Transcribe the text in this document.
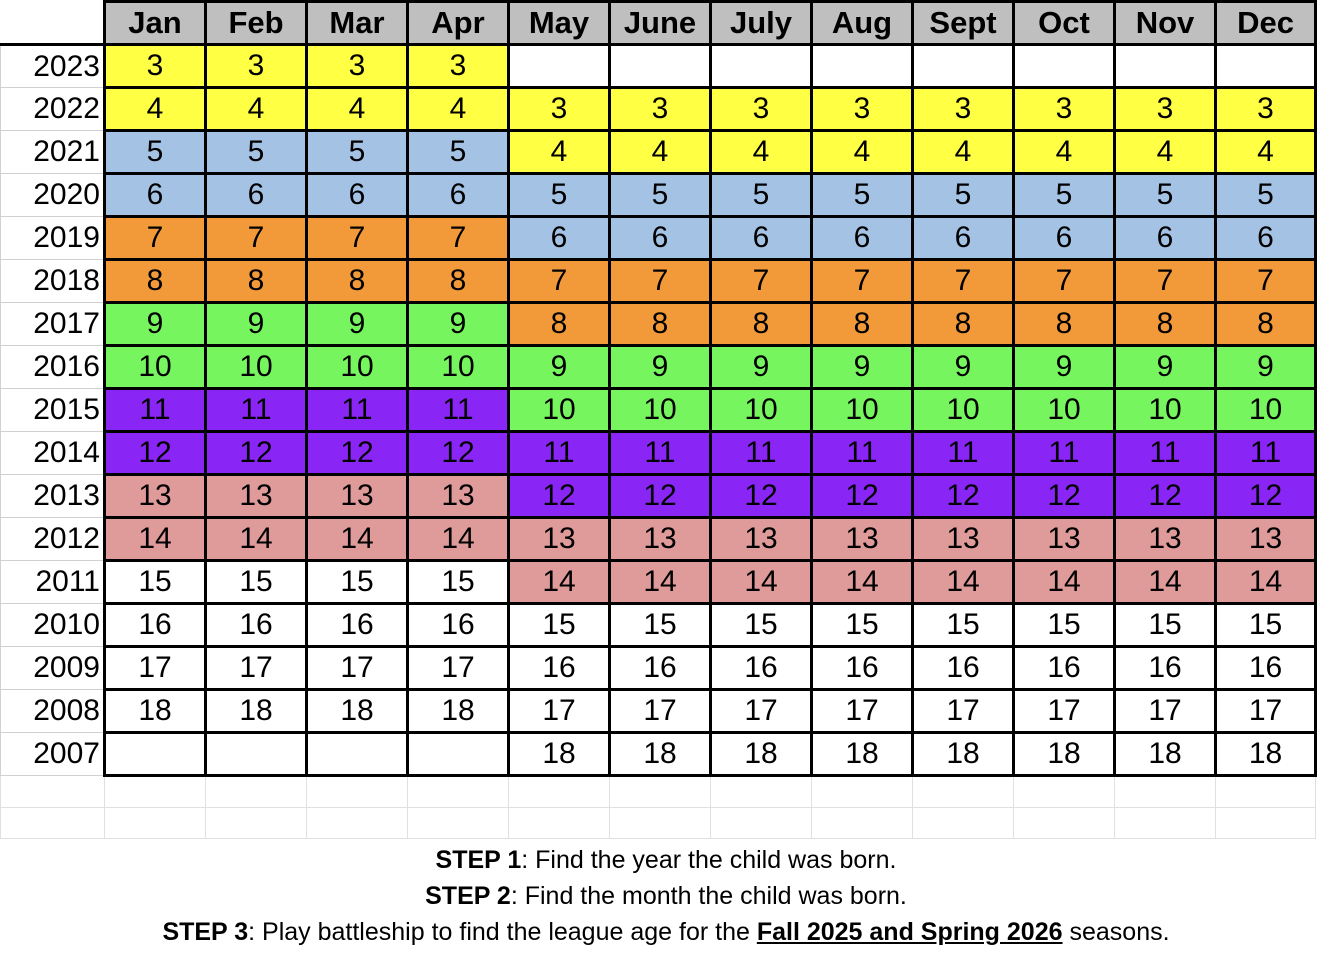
	Jan	Feb	Mar	Apr	May	June	July	Aug	Sept	Oct	Nov	Dec
2023	3	3	3	3								
2022	4	4	4	4	3	3	3	3	3	3	3	3
2021	5	5	5	5	4	4	4	4	4	4	4	4
2020	6	6	6	6	5	5	5	5	5	5	5	5
2019	7	7	7	7	6	6	6	6	6	6	6	6
2018	8	8	8	8	7	7	7	7	7	7	7	7
2017	9	9	9	9	8	8	8	8	8	8	8	8
2016	10	10	10	10	9	9	9	9	9	9	9	9
2015	11	11	11	11	10	10	10	10	10	10	10	10
2014	12	12	12	12	11	11	11	11	11	11	11	11
2013	13	13	13	13	12	12	12	12	12	12	12	12
2012	14	14	14	14	13	13	13	13	13	13	13	13
2011	15	15	15	15	14	14	14	14	14	14	14	14
2010	16	16	16	16	15	15	15	15	15	15	15	15
2009	17	17	17	17	16	16	16	16	16	16	16	16
2008	18	18	18	18	17	17	17	17	17	17	17	17
2007					18	18	18	18	18	18	18	18

STEP 1: Find the year the child was born.
STEP 2: Find the month the child was born.
STEP 3: Play battleship to find the league age for the Fall 2025 and Spring 2026 seasons.
